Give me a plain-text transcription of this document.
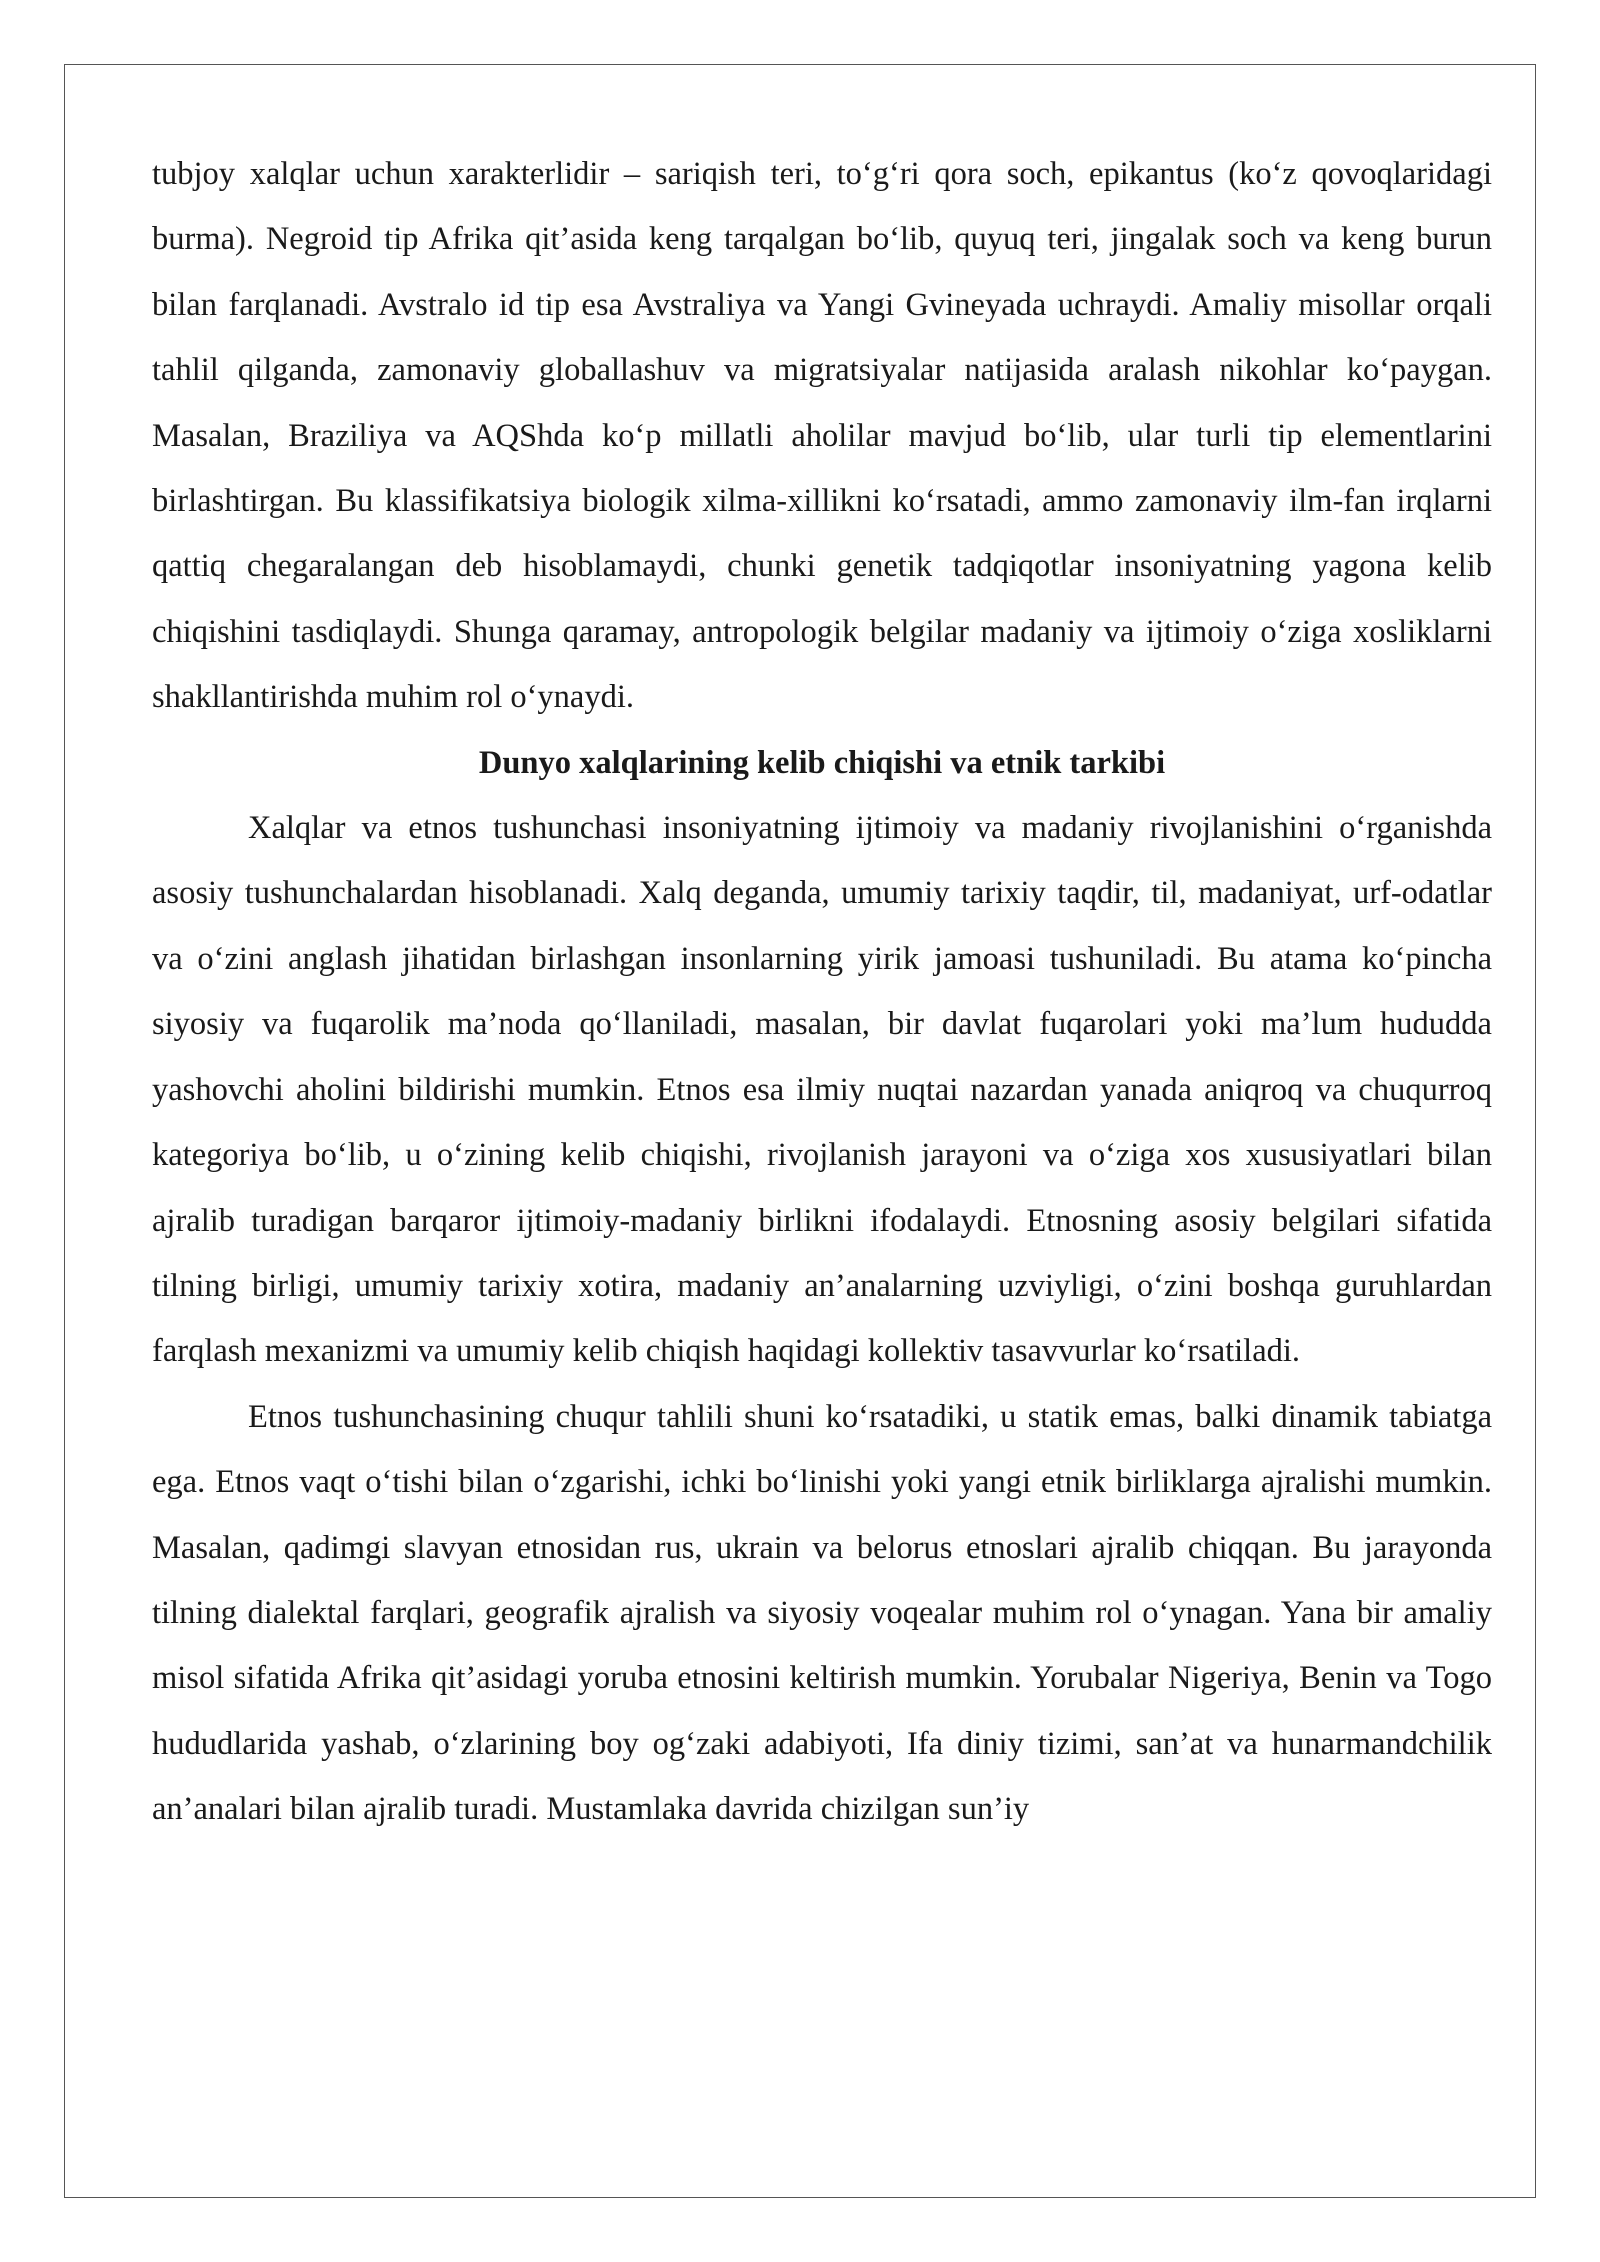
tubjoy xalqlar uchun xarakterlidir – sariqish teri, to‘g‘ri qora soch, epikantus (ko‘z qovoqlaridagi burma). Negroid tip Afrika qit’asida keng tarqalgan bo‘lib, quyuq teri, jingalak soch va keng burun bilan farqlanadi. Avstralo id tip esa Avstraliya va Yangi Gvineyada uchraydi. Amaliy misollar orqali tahlil qilganda, zamonaviy globallashuv va migratsiyalar natijasida aralash nikohlar ko‘paygan. Masalan, Braziliya va AQShda ko‘p millatli aholilar mavjud bo‘lib, ular turli tip elementlarini birlashtirgan. Bu klassifikatsiya biologik xilma-xillikni ko‘rsatadi, ammo zamonaviy ilm-fan irqlarni qattiq chegaralangan deb hisoblamaydi, chunki genetik tadqiqotlar insoniyatning yagona kelib chiqishini tasdiqlaydi. Shunga qaramay, antropologik belgilar madaniy va ijtimoiy o‘ziga xosliklarni shakllantirishda muhim rol o‘ynaydi.

Dunyo xalqlarining kelib chiqishi va etnik tarkibi

Xalqlar va etnos tushunchasi insoniyatning ijtimoiy va madaniy rivojlanishini o‘rganishda asosiy tushunchalardan hisoblanadi. Xalq deganda, umumiy tarixiy taqdir, til, madaniyat, urf-odatlar va o‘zini anglash jihatidan birlashgan insonlarning yirik jamoasi tushuniladi. Bu atama ko‘pincha siyosiy va fuqarolik ma’noda qo‘llaniladi, masalan, bir davlat fuqarolari yoki ma’lum hududda yashovchi aholini bildirishi mumkin. Etnos esa ilmiy nuqtai nazardan yanada aniqroq va chuqurroq kategoriya bo‘lib, u o‘zining kelib chiqishi, rivojlanish jarayoni va o‘ziga xos xususiyatlari bilan ajralib turadigan barqaror ijtimoiy-madaniy birlikni ifodalaydi. Etnosning asosiy belgilari sifatida tilning birligi, umumiy tarixiy xotira, madaniy an’analarning uzviyligi, o‘zini boshqa guruhlardan farqlash mexanizmi va umumiy kelib chiqish haqidagi kollektiv tasavvurlar ko‘rsatiladi.

Etnos tushunchasining chuqur tahlili shuni ko‘rsatadiki, u statik emas, balki dinamik tabiatga ega. Etnos vaqt o‘tishi bilan o‘zgarishi, ichki bo‘linishi yoki yangi etnik birliklarga ajralishi mumkin. Masalan, qadimgi slavyan etnosidan rus, ukrain va belorus etnoslari ajralib chiqqan. Bu jarayonda tilning dialektal farqlari, geografik ajralish va siyosiy voqealar muhim rol o‘ynagan. Yana bir amaliy misol sifatida Afrika qit’asidagi yoruba etnosini keltirish mumkin. Yorubalar Nigeriya, Benin va Togo hududlarida yashab, o‘zlarining boy og‘zaki adabiyoti, Ifa diniy tizimi, san’at va hunarmandchilik an’analari bilan ajralib turadi. Mustamlaka davrida chizilgan sun’iy
